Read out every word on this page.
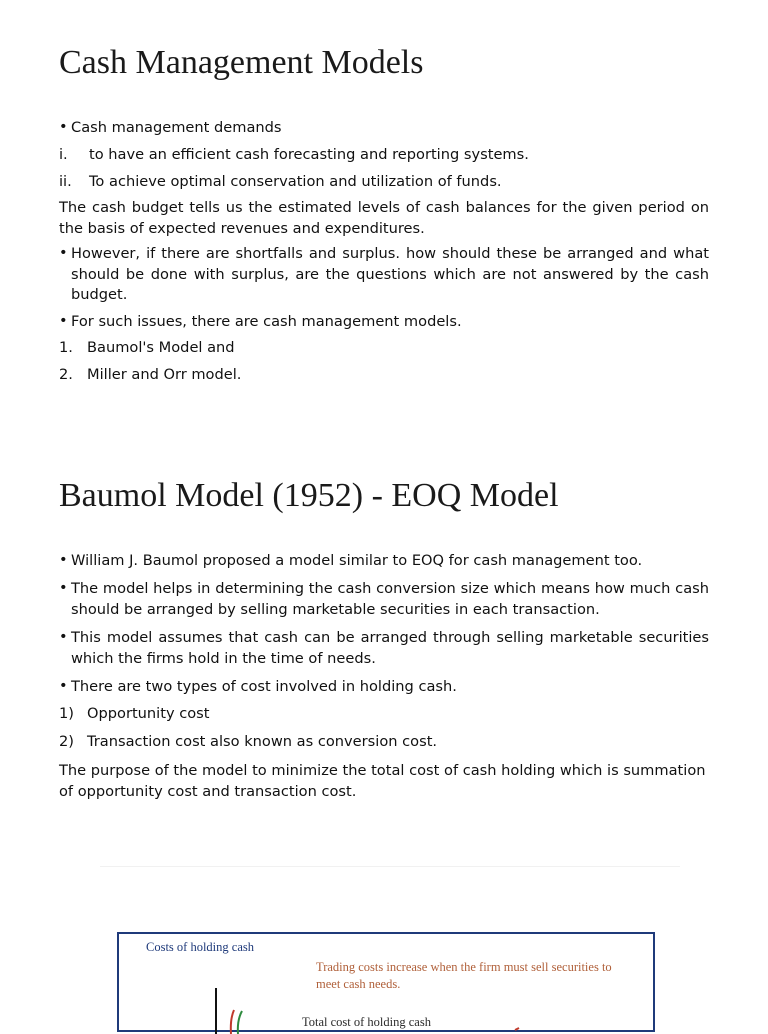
Cash Management Models
• Cash management demands
i. to have an efficient cash forecasting and reporting systems.
ii. To achieve optimal conservation and utilization of funds.
The cash budget tells us the estimated levels of cash balances for the given period on the basis of expected revenues and expenditures.
• However, if there are shortfalls and surplus. how should these be arranged and what should be done with surplus, are the questions which are not answered by the cash budget.
• For such issues, there are cash management models.
1. Baumol's Model and
2. Miller and Orr model.
Baumol Model (1952) - EOQ Model
• William J. Baumol proposed a model similar to EOQ for cash management too.
• The model helps in determining the cash conversion size which means how much cash should be arranged by selling marketable securities in each transaction.
• This model assumes that cash can be arranged through selling marketable securities which the firms hold in the time of needs.
• There are two types of cost involved in holding cash.
1) Opportunity cost
2) Transaction cost also known as conversion cost.
The purpose of the model to minimize the total cost of cash holding which is summation of opportunity cost and transaction cost.
Costs of holding cash
Trading costs increase when the firm must sell securities to meet cash needs.
Total cost of holding cash
